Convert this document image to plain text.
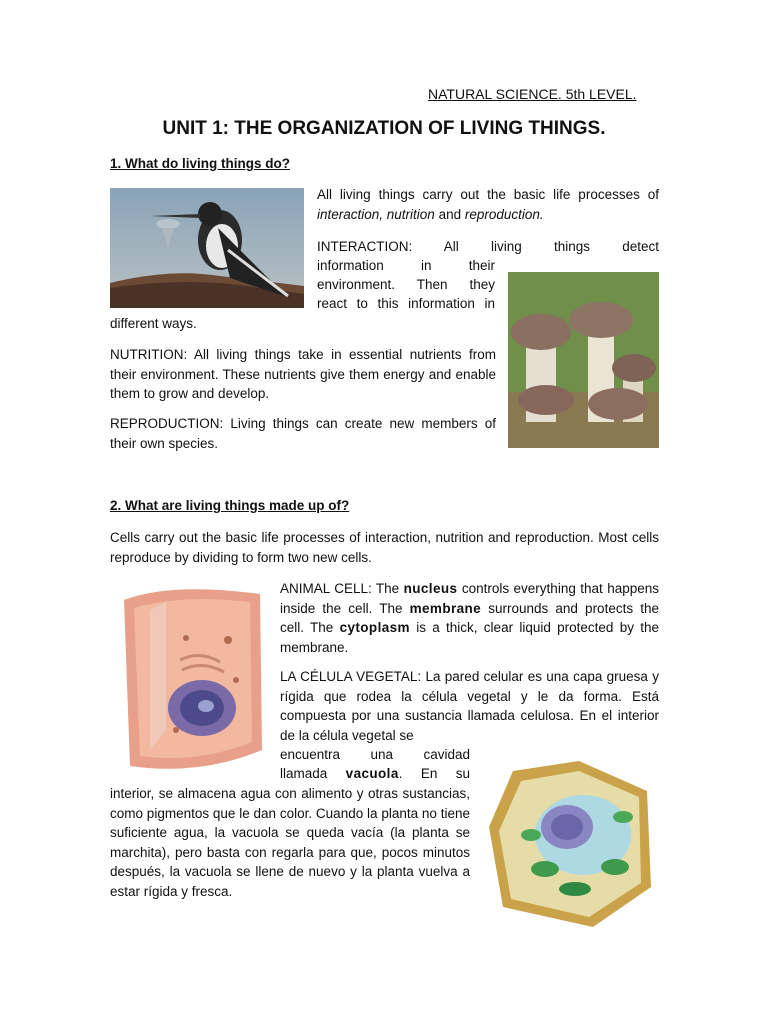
NATURAL SCIENCE. 5th LEVEL.
UNIT 1: THE ORGANIZATION OF LIVING THINGS.
1. What do living things do?

All living things carry out the basic life processes of interaction, nutrition and reproduction.

INTERACTION: All living things detect

information in their

environment. Then they

react to this information in

different ways.

NUTRITION: All living things take in essential nutrients from their environment. These nutrients give them energy and enable them to grow and develop.

REPRODUCTION: Living things can create new members of their own species.

2. What are living things made up of?

Cells carry out the basic life processes of interaction, nutrition and reproduction. Most cells reproduce by dividing to form two new cells.

ANIMAL CELL: The nucleus controls everything that happens inside the cell. The membrane surrounds and protects the cell. The cytoplasm is a thick, clear liquid protected by the membrane.

LA CÉLULA VEGETAL: La pared celular es una capa gruesa y rígida que rodea la célula vegetal y le da forma. Está compuesta por una sustancia llamada celulosa. En el interior de la célula vegetal se

encuentra una cavidad

llamada vacuola. En su

interior, se almacena agua con alimento y otras sustancias, como pigmentos que le dan color. Cuando la planta no tiene suficiente agua, la vacuola se queda vacía (la planta se marchita), pero basta con regarla para que, pocos minutos después, la vacuola se llene de nuevo y la planta vuelva a estar rígida y fresca.
